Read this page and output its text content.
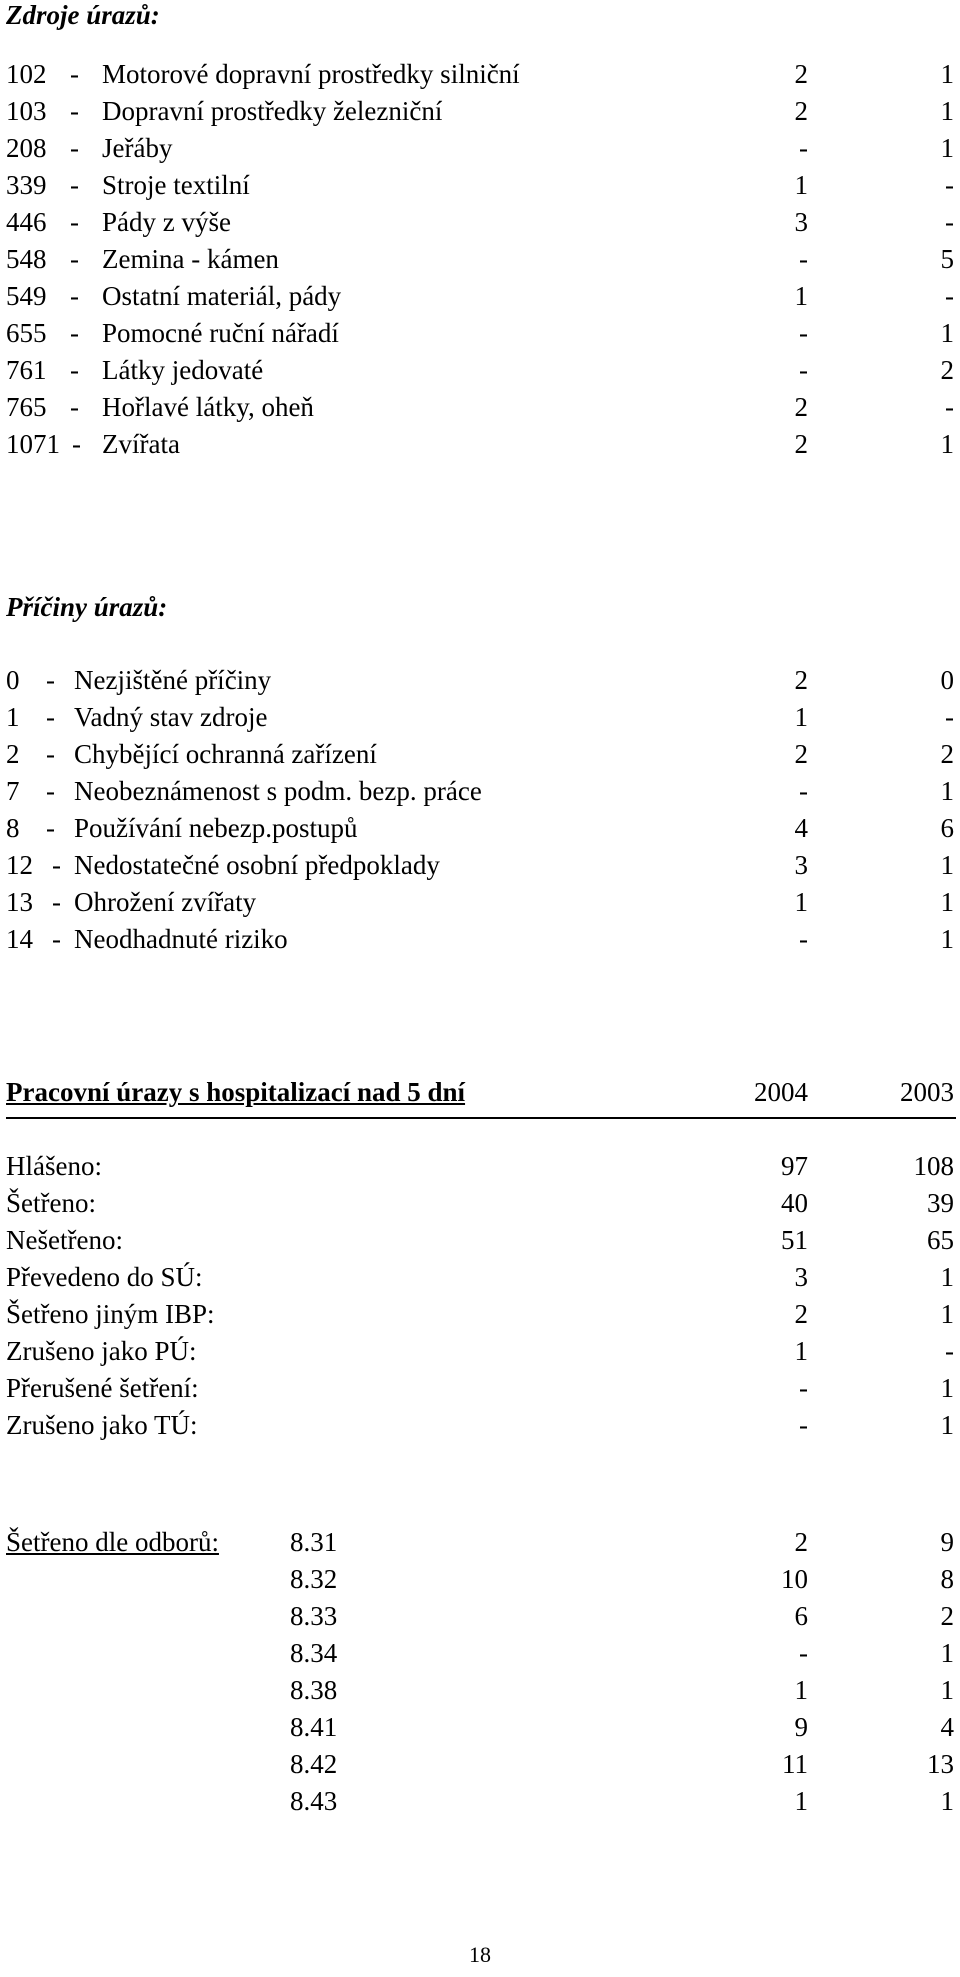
Zdroje úrazů:
102 - Motorové dopravní prostředky silniční	2	1
103 - Dopravní prostředky železniční	2	1
208 - Jeřáby	-	1
339 - Stroje textilní	1	-
446 - Pády z výše	3	-
548 - Zemina - kámen	-	5
549 - Ostatní materiál, pády	1	-
655 - Pomocné ruční nářadí	-	1
761 - Látky jedovaté	-	2
765 - Hořlavé látky, oheň	2	-
1071 - Zvířata	2	1
Příčiny úrazů:
0 - Nezjištěné příčiny	2	0
1 - Vadný stav zdroje	1	-
2 - Chybějící ochranná zařízení	2	2
7 - Neobeznámenost s podm. bezp. práce	-	1
8 - Používání nebezp.postupů	4	6
12 - Nedostatečné osobní předpoklady	3	1
13 - Ohrožení zvířaty	1	1
14 - Neodhadnuté riziko	-	1
Pracovní úrazy s hospitalizací nad 5 dní	2004	2003
Hlášeno:	97	108
Šetřeno:	40	39
Nešetřeno:	51	65
Převedeno do SÚ:	3	1
Šetřeno jiným IBP:	2	1
Zrušeno jako PÚ:	1	-
Přerušené šetření:	-	1
Zrušeno jako TÚ:	-	1
Šetřeno dle odborů:	8.31	2	9
8.32	10	8
8.33	6	2
8.34	-	1
8.38	1	1
8.41	9	4
8.42	11	13
8.43	1	1
18
